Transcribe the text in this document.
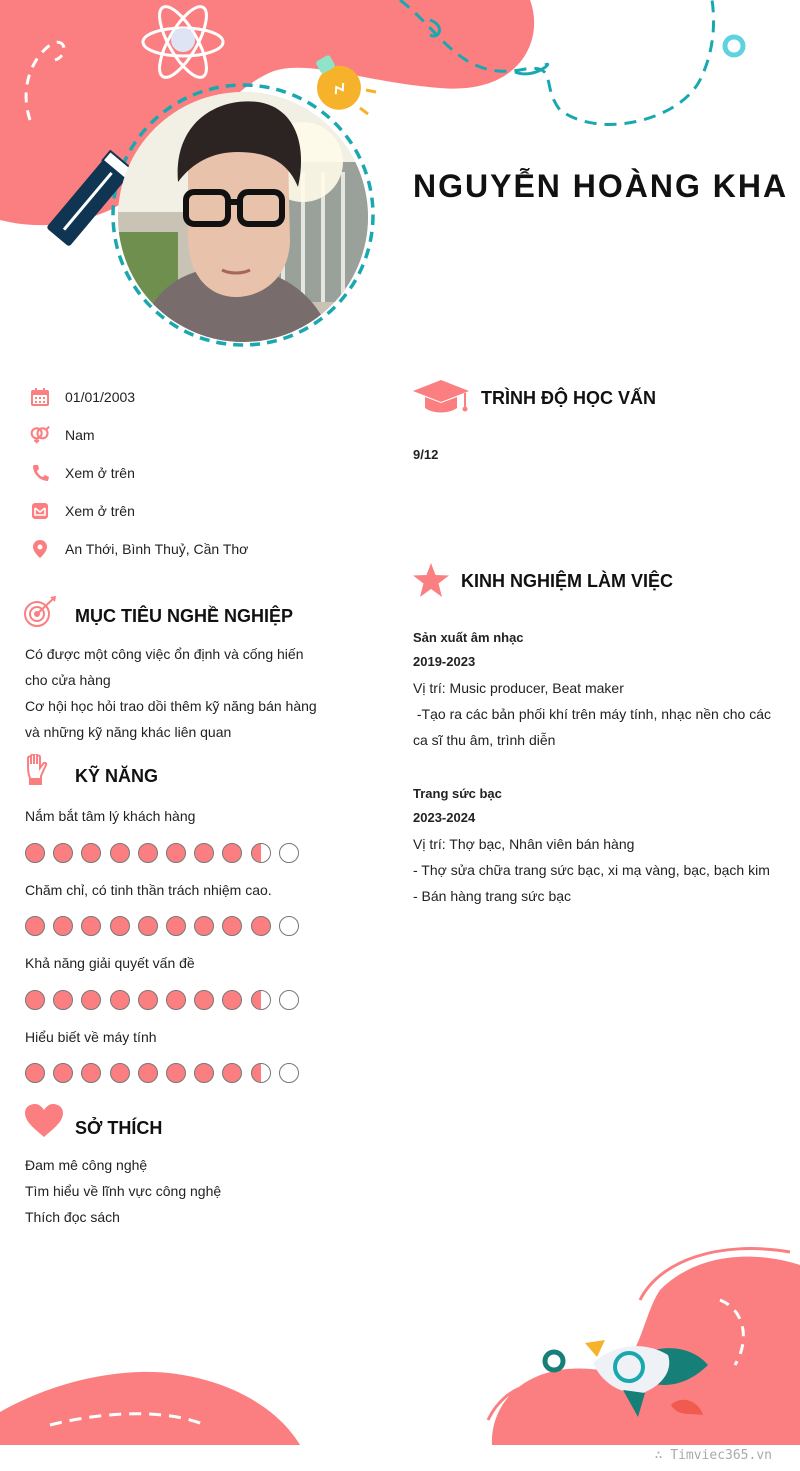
NGUYỄN HOÀNG KHA
01/01/2003
Nam
Xem ở trên
Xem ở trên
An Thới, Bình Thuỷ, Cần Thơ
MỤC TIÊU NGHỀ NGHIỆP
Có được một công việc ổn định và cống hiến
cho cửa hàng
Cơ hội học hỏi trao dồi thêm kỹ năng bán hàng
và những kỹ năng khác liên quan
KỸ NĂNG
Nắm bắt tâm lý khách hàng
Chăm chỉ, có tinh thần trách nhiệm cao.
Khả năng giải quyết vấn đề
Hiểu biết về máy tính
SỞ THÍCH
Đam mê công nghệ
Tìm hiểu về lĩnh vực công nghệ
Thích đọc sách
TRÌNH ĐỘ HỌC VẤN
9/12
KINH NGHIỆM LÀM VIỆC
Sản xuất âm nhạc
2019-2023
Vị trí: Music producer, Beat maker
-Tạo ra các bản phối khí trên máy tính, nhạc nền cho các
ca sĩ thu âm, trình diễn
Trang sức bạc
2023-2024
Vị trí: Thợ bạc, Nhân viên bán hàng
- Thợ sửa chữa trang sức bạc, xi mạ vàng, bạc, bạch kim
- Bán hàng trang sức bạc
∴ Timviec365.vn
